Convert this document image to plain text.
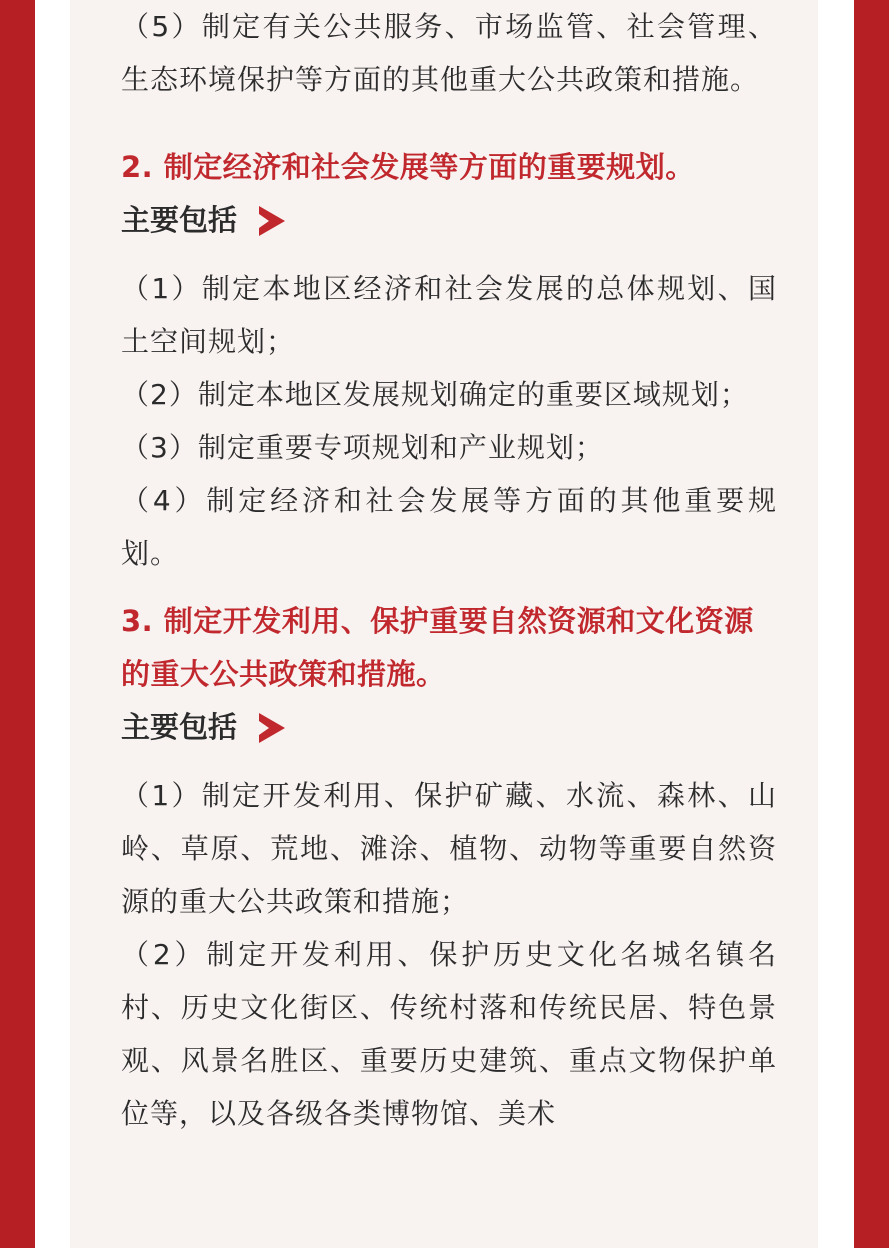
（5）制定有关公共服务、市场监管、社会管理、生态环境保护等方面的其他重大公共政策和措施。

2. 制定经济和社会发展等方面的重要规划。

主要包括

（1）制定本地区经济和社会发展的总体规划、国土空间规划；

（2）制定本地区发展规划确定的重要区域规划；

（3）制定重要专项规划和产业规划；

（4）制定经济和社会发展等方面的其他重要规划。

3. 制定开发利用、保护重要自然资源和文化资源的重大公共政策和措施。

主要包括

（1）制定开发利用、保护矿藏、水流、森林、山岭、草原、荒地、滩涂、植物、动物等重要自然资源的重大公共政策和措施；

（2）制定开发利用、保护历史文化名城名镇名村、历史文化街区、传统村落和传统民居、特色景观、风景名胜区、重要历史建筑、重点文物保护单位等，以及各级各类博物馆、美术
